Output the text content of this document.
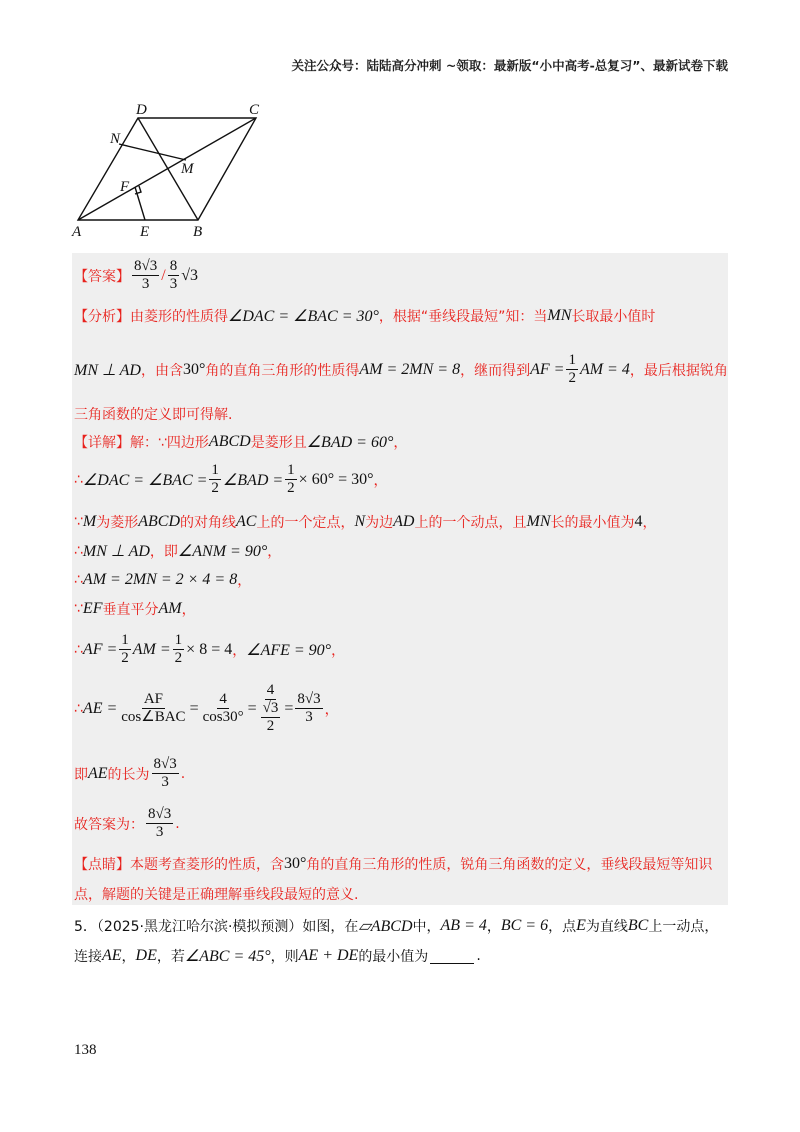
关注公众号：陆陆高分冲刺 ~领取：最新版“小中高考-总复习”、最新试卷下载
D	C
N
M
F
A	E	B
【答案】 $\frac{8√3}{3} / \frac{8}{3} √3$
【分析】 由菱形的性质得 ∠DAC = ∠BAC = 30° ，根据“垂线段最短”知：当 MN 长取最小值时
MN ⊥ AD ，由含 30° 角的直角三角形的性质得 AM = 2MN = 8 ，继而得到 AF = $\frac{1}{2}$ AM = 4 ，最后根据锐角
三角函数的定义即可得解.
【详解】 解：∵四边形 ABCD 是菱形且 ∠BAD = 60° ，
∴ ∠DAC = ∠BAC = $\frac{1}{2}$ ∠BAD = $\frac{1}{2} \times 60^\circ = 30^\circ$ ，
∵ M 为菱形 ABCD 的对角线 AC 上的一个定点， N 为边 AD 上的一个动点，且 MN 长的最小值为 4 ，
∴ MN ⊥ AD ，即 ∠ANM = 90° ，
∴ AM = 2MN = 2 × 4 = 8 ，
∵ EF 垂直平分 AM ，
∴ AF = $\frac{1}{2}$ AM = $\frac{1}{2} \times 8 = 4$ ， ∠AFE = 90° ，
∴ AE = $\frac{AF}{\text{cos∠BAC}} = \frac{4}{\cos 30^\circ} = \frac{4}{\frac{√3}{2}} = \frac{8√3}{3}$ ，
即 AE 的长为 $\frac{8√3}{3}$ .
故答案为： $\frac{8√3}{3}$ .
【点睛】 本题考查菱形的性质，含 30° 角的直角三角形的性质，锐角三角函数的定义，垂线段最短等知识
点，解题的关键是正确理解垂线段最短的意义.
5．（2025·黑龙江哈尔滨·模拟预测）如图，在 ▱ABCD 中， AB = 4 ， BC = 6 ，点 E 为直线 BC 上一动点，
连接 AE ， DE ，若 ∠ABC = 45° ，则 AE + DE 的最小值为	.
138
